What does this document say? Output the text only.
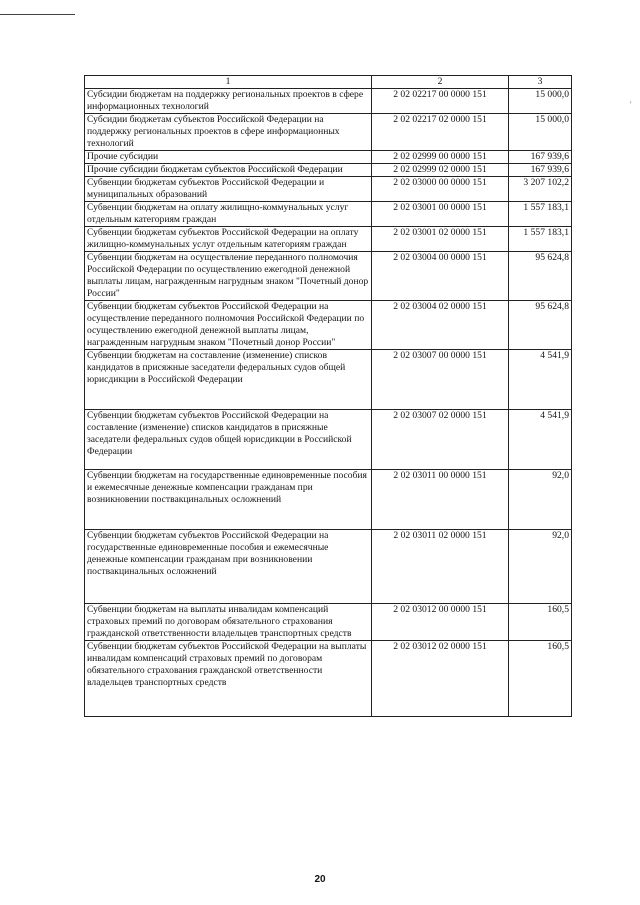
'
1	2	3
Субсидии бюджетам на поддержку региональных проектов в сфере информационных технологий	2 02 02217 00 0000 151	15 000,0
Субсидии бюджетам субъектов Российской Федерации на поддержку региональных проектов в сфере информационных технологий	2 02 02217 02 0000 151	15 000,0
Прочие субсидии	2 02 02999 00 0000 151	167 939,6
Прочие субсидии бюджетам субъектов Российской Федерации	2 02 02999 02 0000 151	167 939,6
Субвенции бюджетам субъектов Российской Федерации и муниципальных образований	2 02 03000 00 0000 151	3 207 102,2
Субвенции бюджетам на оплату жилищно-коммунальных услуг отдельным категориям граждан	2 02 03001 00 0000 151	1 557 183,1
Субвенции бюджетам субъектов Российской Федерации на оплату жилищно-коммунальных услуг отдельным категориям граждан	2 02 03001 02 0000 151	1 557 183,1
Субвенции бюджетам на осуществление переданного полномочия Российской Федерации по осуществлению ежегодной денежной выплаты лицам, награжденным нагрудным знаком "Почетный донор России"	2 02 03004 00 0000 151	95 624,8
Субвенции бюджетам субъектов Российской Федерации на осуществление переданного полномочия Российской Федерации по осуществлению ежегодной денежной выплаты лицам, награжденным нагрудным знаком "Почетный донор России"	2 02 03004 02 0000 151	95 624,8
Субвенции бюджетам на составление (изменение) списков кандидатов в присяжные заседатели федеральных судов общей юрисдикции в Российской Федерации	2 02 03007 00 0000 151	4 541,9
Субвенции бюджетам субъектов Российской Федерации на составление (изменение) списков кандидатов в присяжные заседатели федеральных судов общей юрисдикции в Российской Федерации	2 02 03007 02 0000 151	4 541,9
Субвенции бюджетам на государственные единовременные пособия и ежемесячные денежные компенсации гражданам при возникновении поствакцинальных осложнений	2 02 03011 00 0000 151	92,0
Субвенции бюджетам субъектов Российской Федерации на государственные единовременные пособия и ежемесячные денежные компенсации гражданам при возникновении поствакцинальных осложнений	2 02 03011 02 0000 151	92,0
Субвенции бюджетам на выплаты инвалидам компенсаций страховых премий по договорам обязательного страхования гражданской ответственности владельцев транспортных средств	2 02 03012 00 0000 151	160,5
Субвенции бюджетам субъектов Российской Федерации на выплаты инвалидам компенсаций страховых премий по договорам обязательного страхования гражданской ответственности владельцев транспортных средств	2 02 03012 02 0000 151	160,5
20
